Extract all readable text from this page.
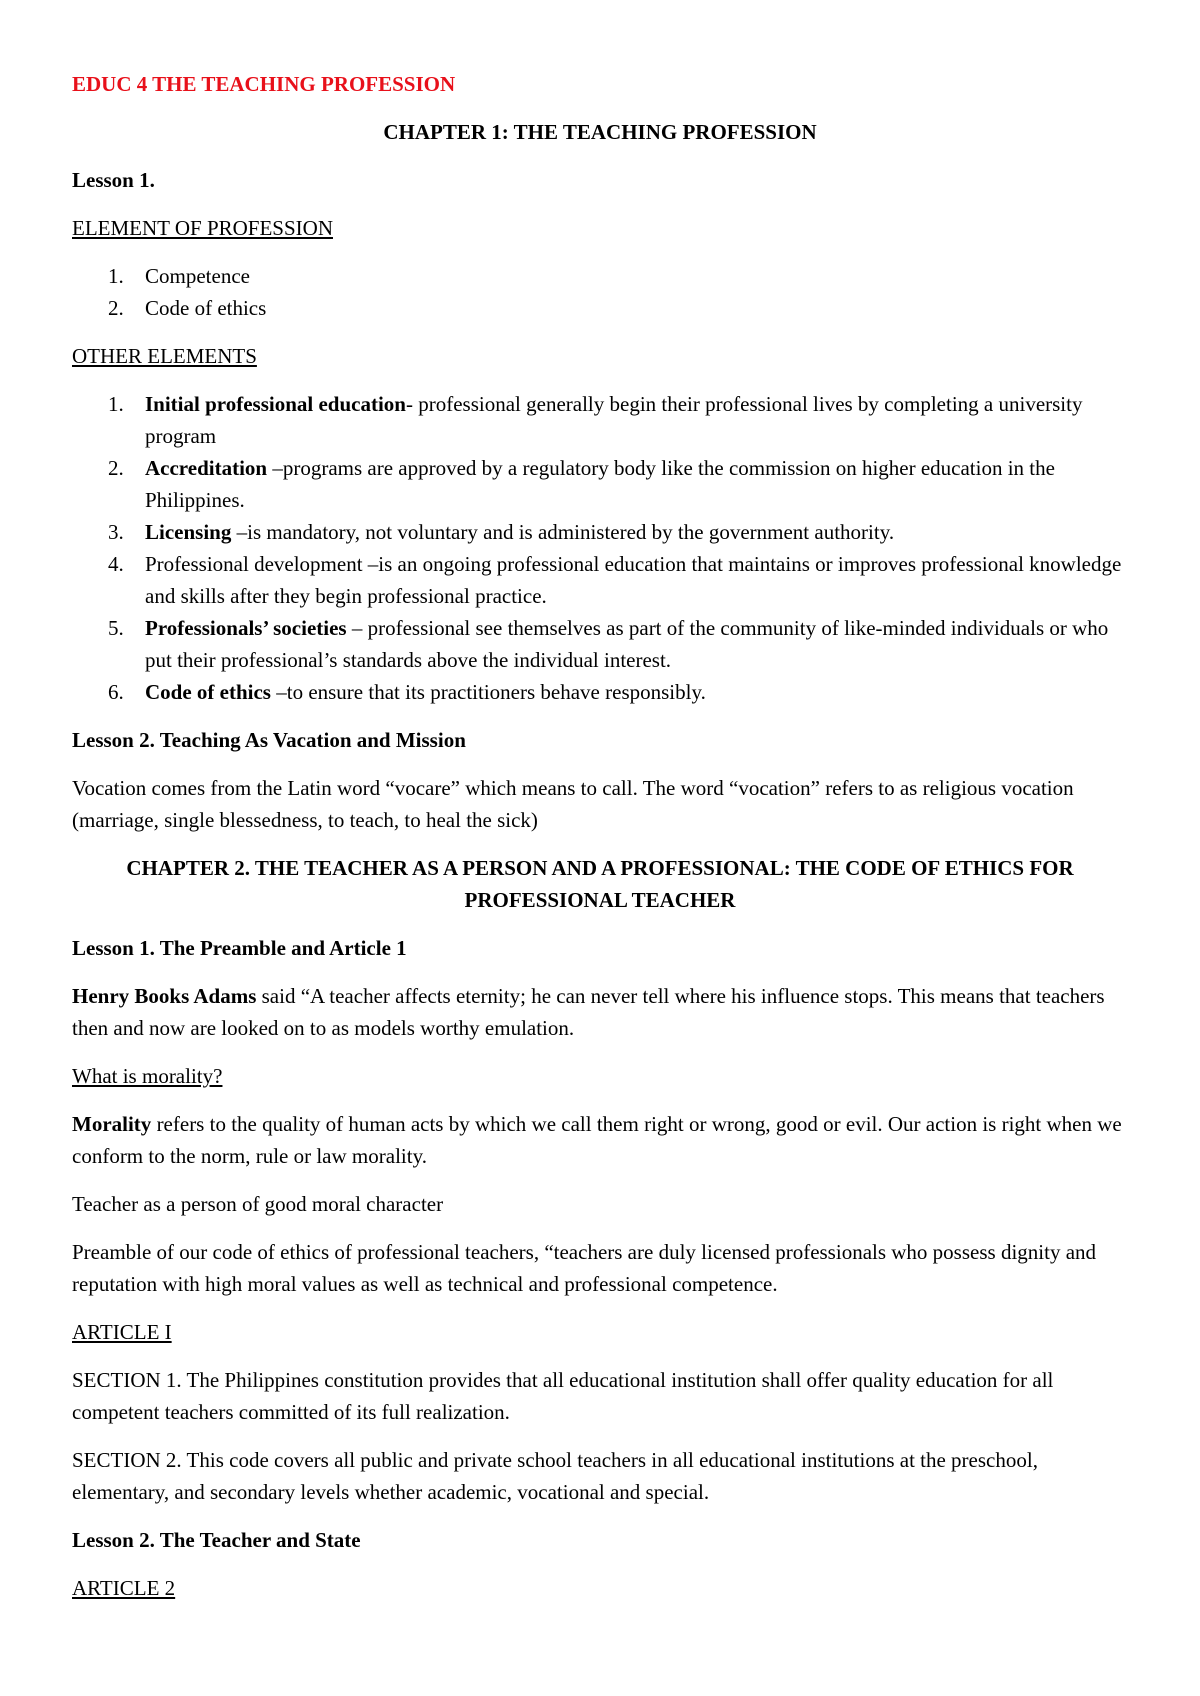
EDUC 4 THE TEACHING PROFESSION

CHAPTER 1: THE TEACHING PROFESSION

Lesson 1.

ELEMENT OF PROFESSION

1. Competence
2. Code of ethics

OTHER ELEMENTS

1. Initial professional education- professional generally begin their professional lives by completing a university program
2. Accreditation –programs are approved by a regulatory body like the commission on higher education in the Philippines.
3. Licensing –is mandatory, not voluntary and is administered by the government authority.
4. Professional development –is an ongoing professional education that maintains or improves professional knowledge and skills after they begin professional practice.
5. Professionals’ societies – professional see themselves as part of the community of like-minded individuals or who put their professional’s standards above the individual interest.
6. Code of ethics –to ensure that its practitioners behave responsibly.

Lesson 2. Teaching As Vacation and Mission

Vocation comes from the Latin word “vocare” which means to call. The word “vocation” refers to as religious vocation (marriage, single blessedness, to teach, to heal the sick)

CHAPTER 2. THE TEACHER AS A PERSON AND A PROFESSIONAL: THE CODE OF ETHICS FOR PROFESSIONAL TEACHER

Lesson 1. The Preamble and Article 1

Henry Books Adams said “A teacher affects eternity; he can never tell where his influence stops. This means that teachers then and now are looked on to as models worthy emulation.

What is morality?

Morality refers to the quality of human acts by which we call them right or wrong, good or evil. Our action is right when we conform to the norm, rule or law morality.

Teacher as a person of good moral character

Preamble of our code of ethics of professional teachers, “teachers are duly licensed professionals who possess dignity and reputation with high moral values as well as technical and professional competence.

ARTICLE I

SECTION 1. The Philippines constitution provides that all educational institution shall offer quality education for all competent teachers committed of its full realization.

SECTION 2. This code covers all public and private school teachers in all educational institutions at the preschool, elementary, and secondary levels whether academic, vocational and special.

Lesson 2. The Teacher and State

ARTICLE 2
